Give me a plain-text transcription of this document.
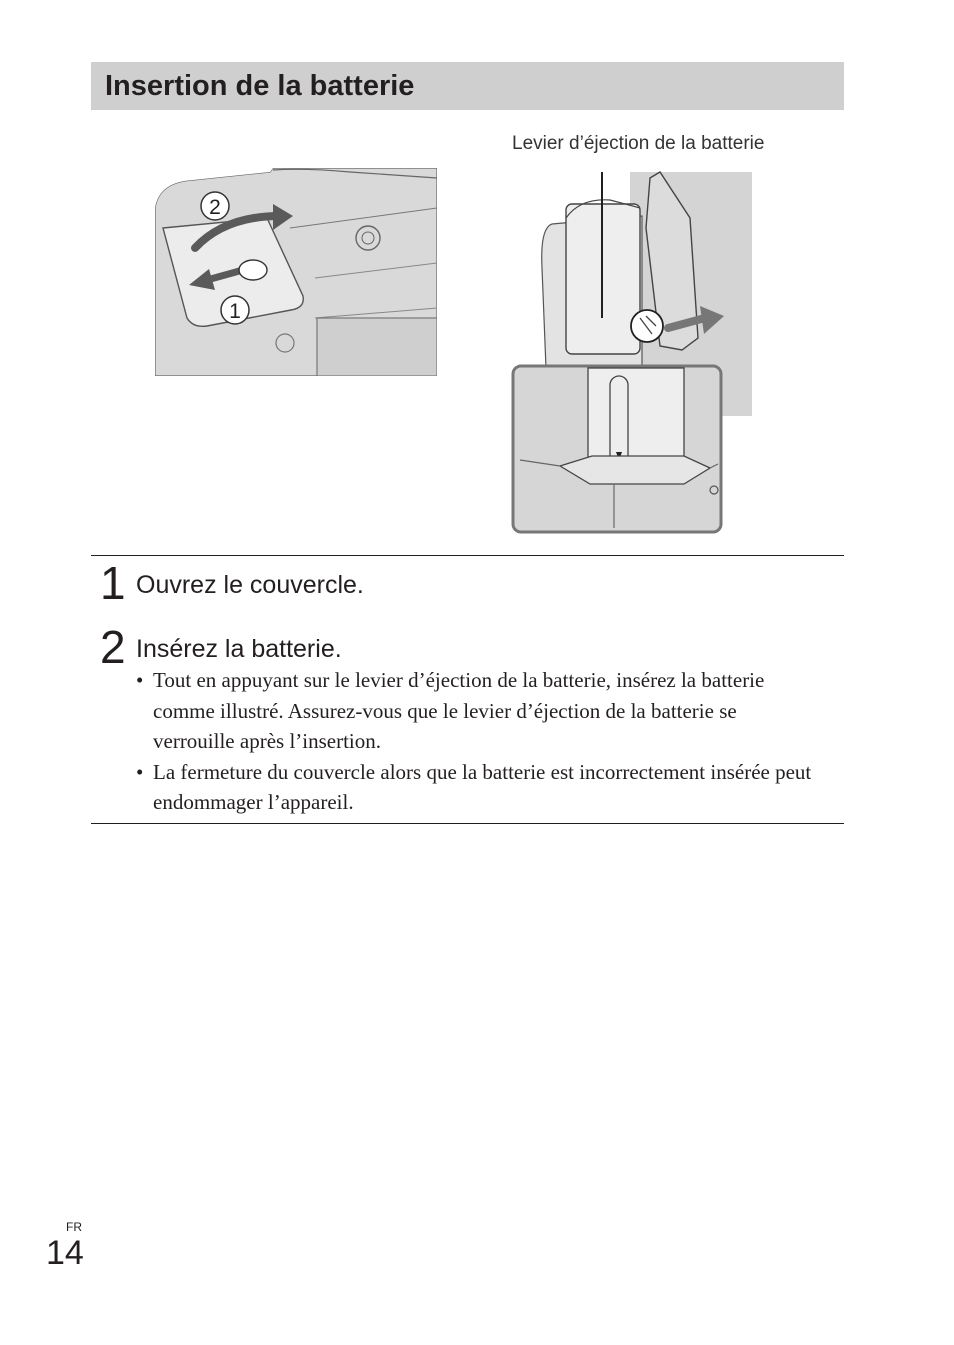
Insertion de la batterie
Levier d’éjection de la batterie
2
1
1 Ouvrez le couvercle.
2 Insérez la batterie.
• Tout en appuyant sur le levier d’éjection de la batterie, insérez la batterie comme illustré. Assurez-vous que le levier d’éjection de la batterie se verrouille après l’insertion.
• La fermeture du couvercle alors que la batterie est incorrectement insérée peut endommager l’appareil.
FR
14
